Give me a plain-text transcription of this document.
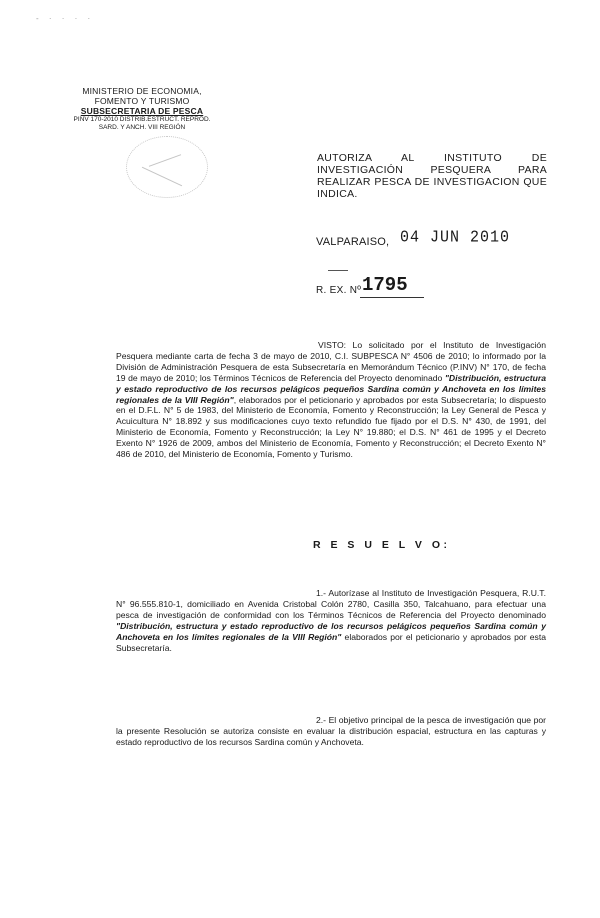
- · · · ·
MINISTERIO DE ECONOMIA,
FOMENTO Y TURISMO
SUBSECRETARIA DE PESCA
PINV 170-2010 DISTRIB.ESTRUCT. REPROD.
SARD. Y ANCH. VIII REGIÓN
AUTORIZA AL INSTITUTO DE INVESTIGACIÓN PESQUERA PARA REALIZAR PESCA DE INVESTIGACION QUE INDICA.
VALPARAISO, 04 JUN 2010
R. EX. Nº 1795
VISTO: Lo solicitado por el Instituto de Investigación Pesquera mediante carta de fecha 3 de mayo de 2010, C.I. SUBPESCA N° 4506 de 2010; lo informado por la División de Administración Pesquera de esta Subsecretaría en Memorándum Técnico (P.INV) N° 170, de fecha 19 de mayo de 2010; los Términos Técnicos de Referencia del Proyecto denominado "Distribución, estructura y estado reproductivo de los recursos pelágicos pequeños Sardina común y Anchoveta en los límites regionales de la VIII Región", elaborados por el peticionario y aprobados por esta Subsecretaría; lo dispuesto en el D.F.L. N° 5 de 1983, del Ministerio de Economía, Fomento y Reconstrucción; la Ley General de Pesca y Acuicultura N° 18.892 y sus modificaciones cuyo texto refundido fue fijado por el D.S. N° 430, de 1991, del Ministerio de Economía, Fomento y Reconstrucción; la Ley N° 19.880; el D.S. N° 461 de 1995 y el Decreto Exento N° 1926 de 2009, ambos del Ministerio de Economía, Fomento y Reconstrucción; el Decreto Exento N° 486 de 2010, del Ministerio de Economía, Fomento y Turismo.
R E S U E L V O:
1.- Autorízase al Instituto de Investigación Pesquera, R.U.T. N° 96.555.810-1, domiciliado en Avenida Cristobal Colón 2780, Casilla 350, Talcahuano, para efectuar una pesca de investigación de conformidad con los Términos Técnicos de Referencia del Proyecto denominado "Distribución, estructura y estado reproductivo de los recursos pelágicos pequeños Sardina común y Anchoveta en los límites regionales de la VIII Región" elaborados por el peticionario y aprobados por esta Subsecretaría.
2.- El objetivo principal de la pesca de investigación que por la presente Resolución se autoriza consiste en evaluar la distribución espacial, estructura en las capturas y estado reproductivo de los recursos Sardina común y Anchoveta.
